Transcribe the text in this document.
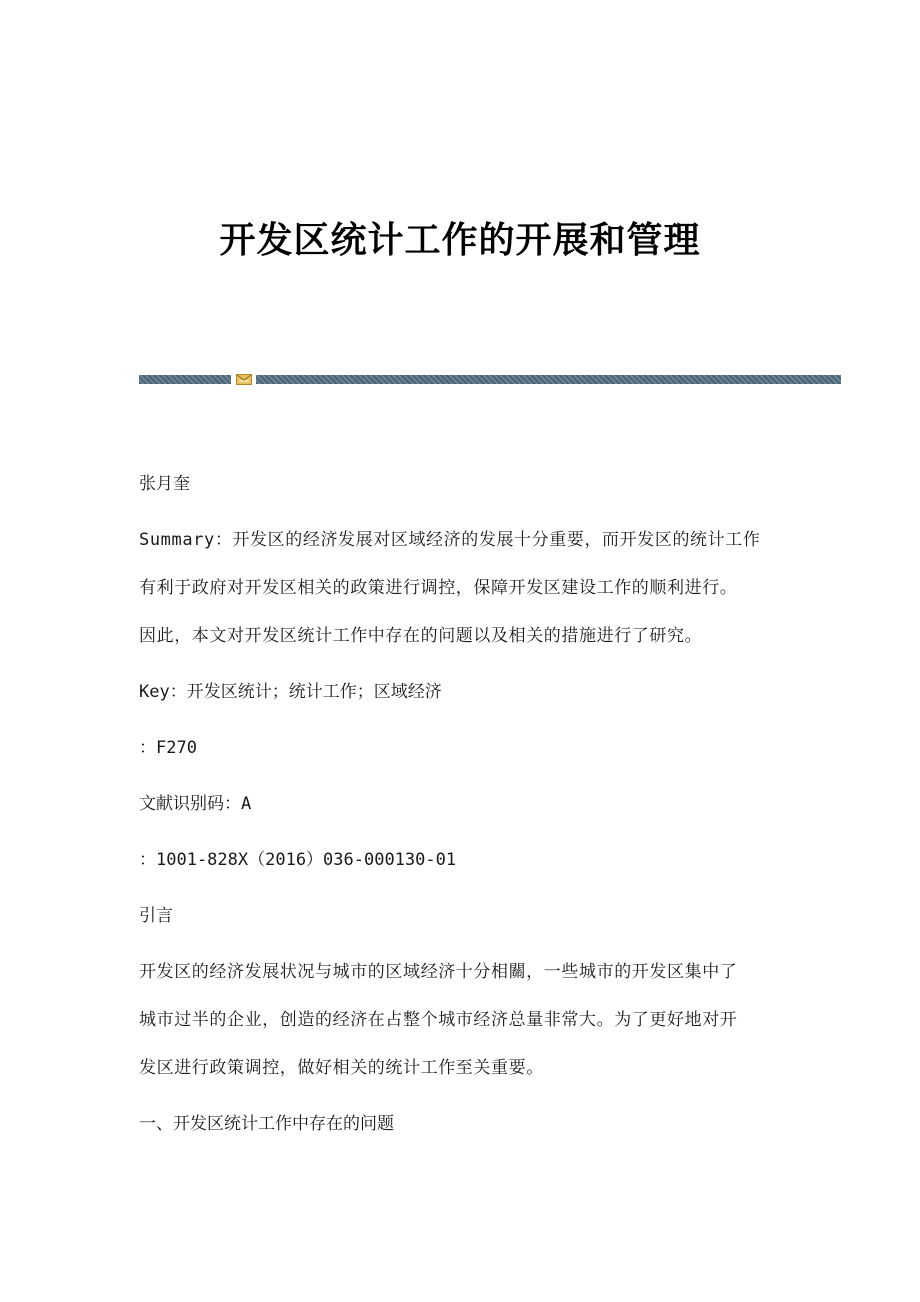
开发区统计工作的开展和管理
张月奎
Summary：开发区的经济发展对区域经济的发展十分重要，而开发区的统计工作
有利于政府对开发区相关的政策进行调控，保障开发区建设工作的顺利进行。
因此，本文对开发区统计工作中存在的问题以及相关的措施进行了研究。
Key：开发区统计；统计工作；区域经济
：F270
文献识别码：A
：1001-828X（2016）036-000130-01
引言
开发区的经济发展状况与城市的区域经济十分相關，一些城市的开发区集中了
城市过半的企业，创造的经济在占整个城市经济总量非常大。为了更好地对开
发区进行政策调控，做好相关的统计工作至关重要。
一、开发区统计工作中存在的问题
